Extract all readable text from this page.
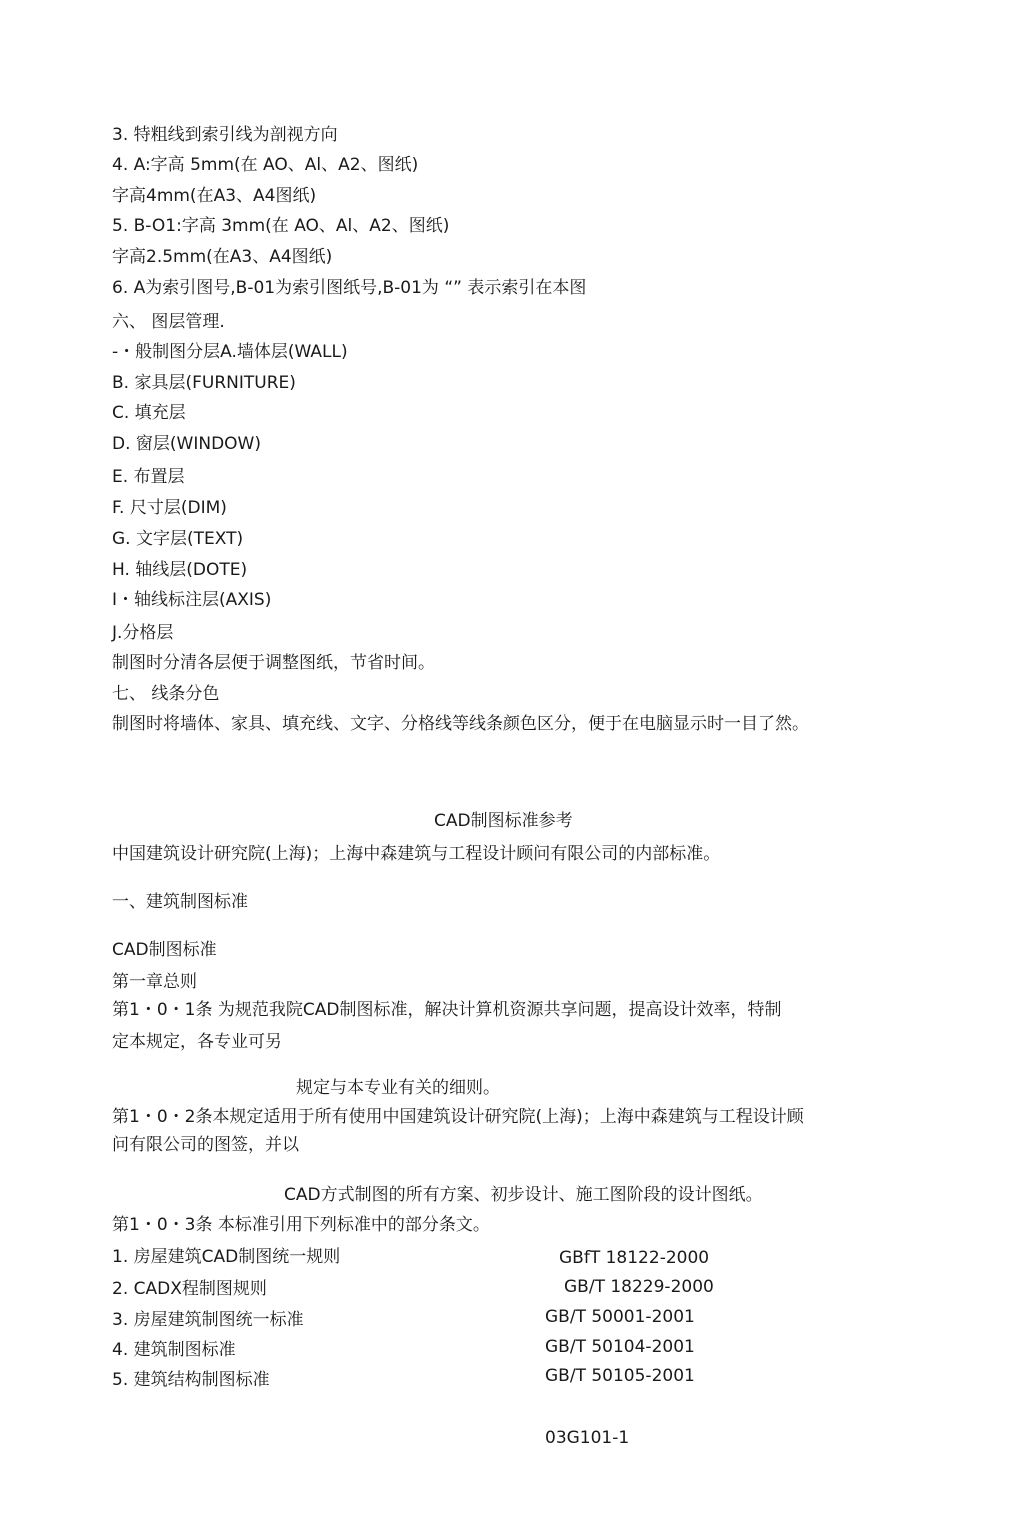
3. 特粗线到索引线为剖视方向
4. A:字高 5mm(在 AO、Al、A2、图纸)
字高4mm(在A3、A4图纸)
5. B-O1:字高 3mm(在 AO、Al、A2、图纸)
字高2.5mm(在A3、A4图纸)
6. A为索引图号,B-01为索引图纸号,B-01为 “” 表示索引在本图
六、 图层管理.
-・般制图分层A.墙体层(WALL)
B. 家具层(FURNITURE)
C. 填充层
D. 窗层(WINDOW)
E. 布置层
F. 尺寸层(DIM)
G. 文字层(TEXT)
H. 轴线层(DOTE)
I・轴线标注层(AXIS)
J.分格层
制图时分清各层便于调整图纸，节省时间。
七、 线条分色
制图时将墙体、家具、填充线、文字、分格线等线条颜色区分，便于在电脑显示时一目了然。
CAD制图标准参考
中国建筑设计研究院(上海)；上海中森建筑与工程设计顾问有限公司的内部标准。
一、建筑制图标准
CAD制图标准
第一章总则
第1・0・1条 为规范我院CAD制图标准，解决计算机资源共享问题，提高设计效率，特制
定本规定，各专业可另
规定与本专业有关的细则。
第1・0・2条本规定适用于所有使用中国建筑设计研究院(上海)；上海中森建筑与工程设计顾
问有限公司的图签，并以
CAD方式制图的所有方案、初步设计、施工图阶段的设计图纸。
第1・0・3条 本标准引用下列标准中的部分条文。
1. 房屋建筑CAD制图统一规则	GBfT 18122-2000
2. CADX程制图规则	GB/T 18229-2000
3. 房屋建筑制图统一标准	GB/T 50001-2001
4. 建筑制图标准	GB/T 50104-2001
5. 建筑结构制图标准	GB/T 50105-2001
03G101-1
